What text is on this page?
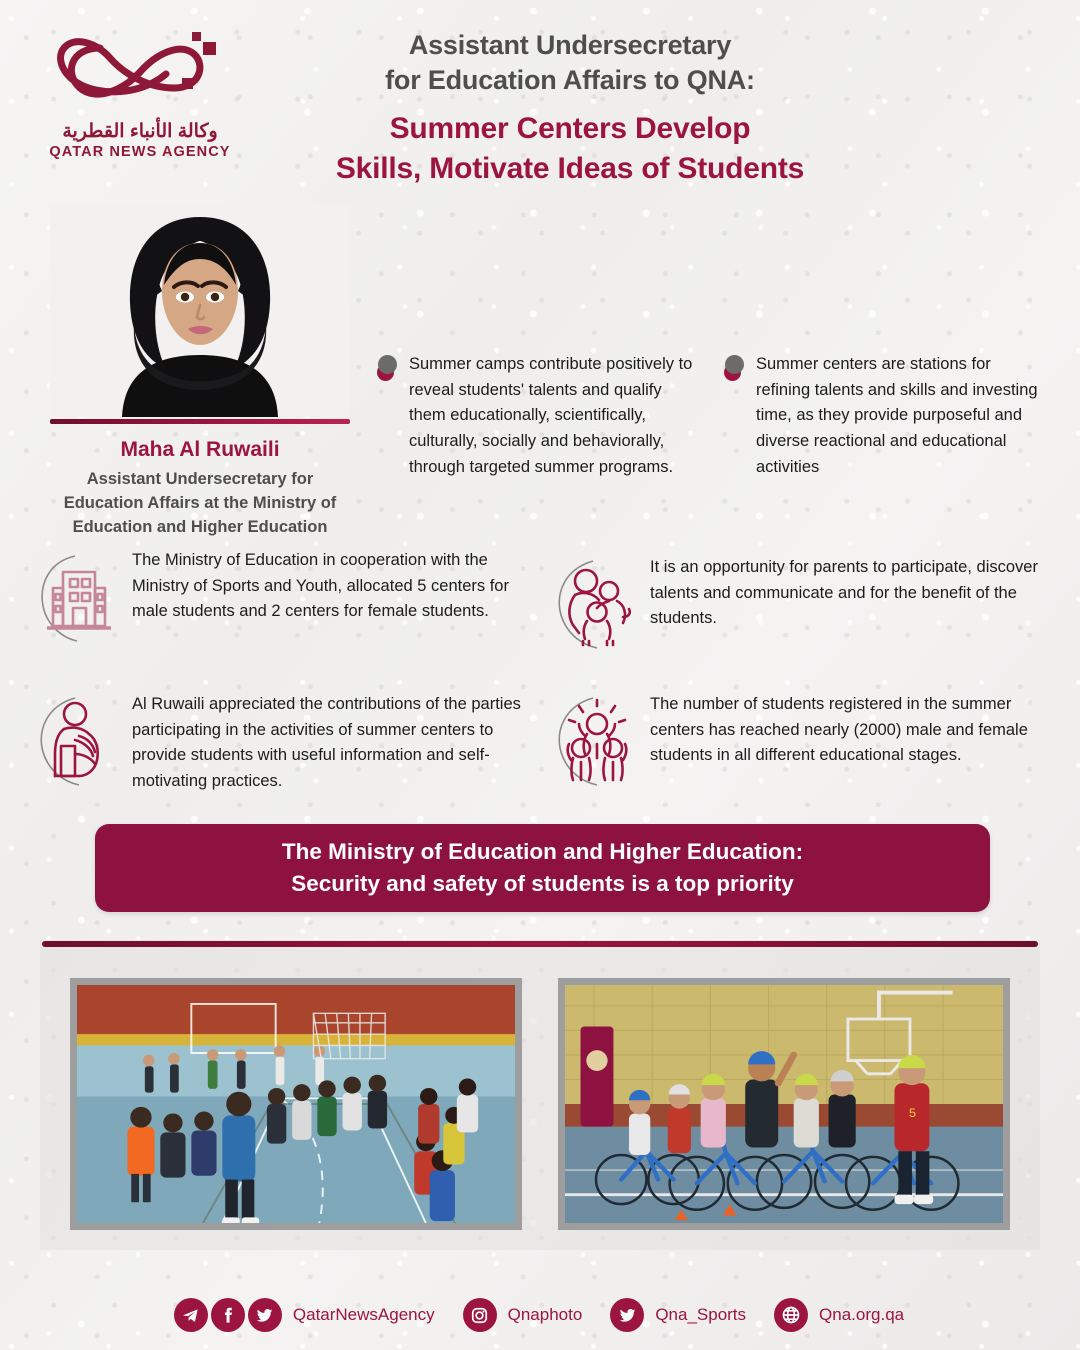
وكالة الأنباء القطرية
QATAR NEWS AGENCY
Assistant Undersecretary
for Education Affairs to QNA:
Summer Centers Develop
Skills, Motivate Ideas of Students
Maha Al Ruwaili
Assistant Undersecretary for Education Affairs at the Ministry of Education and Higher Education
Summer camps contribute positively to reveal students' talents and qualify them educationally, scientifically, culturally, socially and behaviorally, through targeted summer programs.
Summer centers are stations for refining talents and skills and investing time, as they provide purposeful and diverse reactional and educational activities
The Ministry of Education in cooperation with the Ministry of Sports and Youth, allocated 5 centers for male students and 2 centers for female students.
It is an opportunity for parents to participate, discover talents and communicate and for the benefit of the students.
Al Ruwaili appreciated the contributions of the parties participating in the activities of summer centers to provide students with useful information and self-motivating practices.
The number of students registered in the summer centers has reached nearly (2000) male and female students in all different educational stages.
The Ministry of Education and Higher Education:
Security and safety of students is a top priority
5
QatarNewsAgency	Qnaphoto	Qna_Sports	Qna.org.qa
